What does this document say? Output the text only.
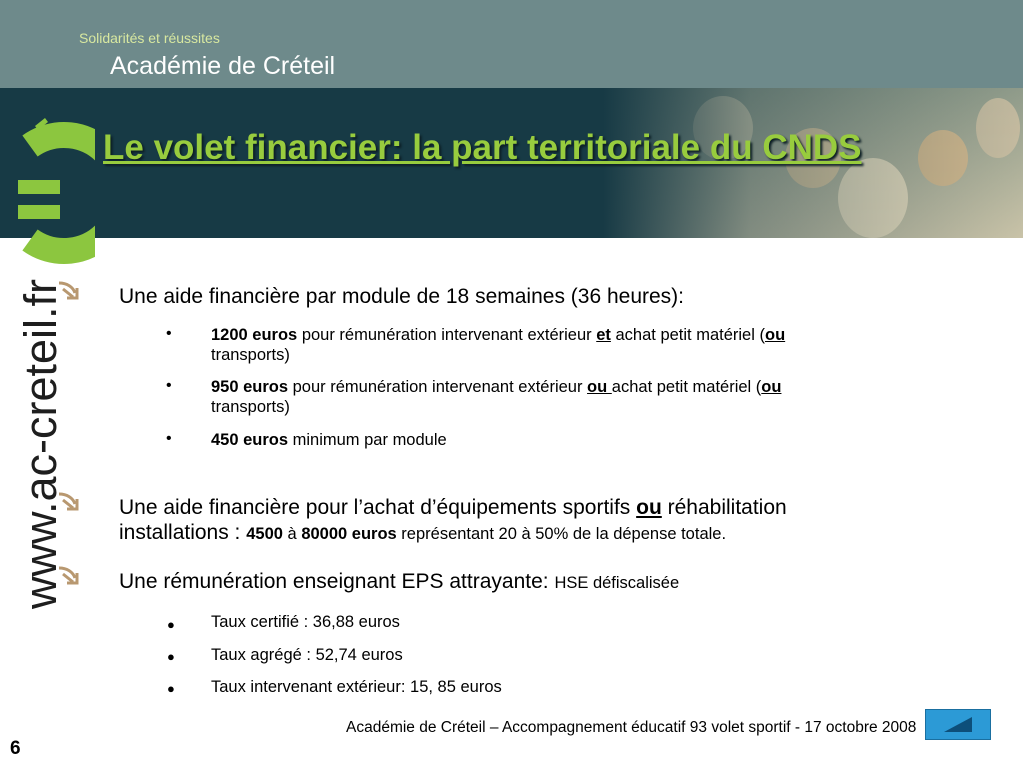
Solidarités et réussites
Académie de Créteil
Le volet financier: la part territoriale du CNDS
www.ac-creteil.fr	Une aide financière par module de 18 semaines (36 heures):
• 1200 euros pour rémunération intervenant extérieur et achat petit matériel (ou
transports)
• 950 euros pour rémunération intervenant extérieur ou achat petit matériel (ou
transports)
• 450 euros minimum par module
Une aide financière pour l’achat d’équipements sportifs ou réhabilitation
installations : 4500 à 80000 euros représentant 20 à 50% de la dépense totale.
Une rémunération enseignant EPS attrayante: HSE défiscalisée
● Taux certifié : 36,88 euros
● Taux agrégé : 52,74 euros
● Taux intervenant extérieur: 15, 85 euros
Académie de Créteil – Accompagnement éducatif 93 volet sportif - 17 octobre 2008
6
